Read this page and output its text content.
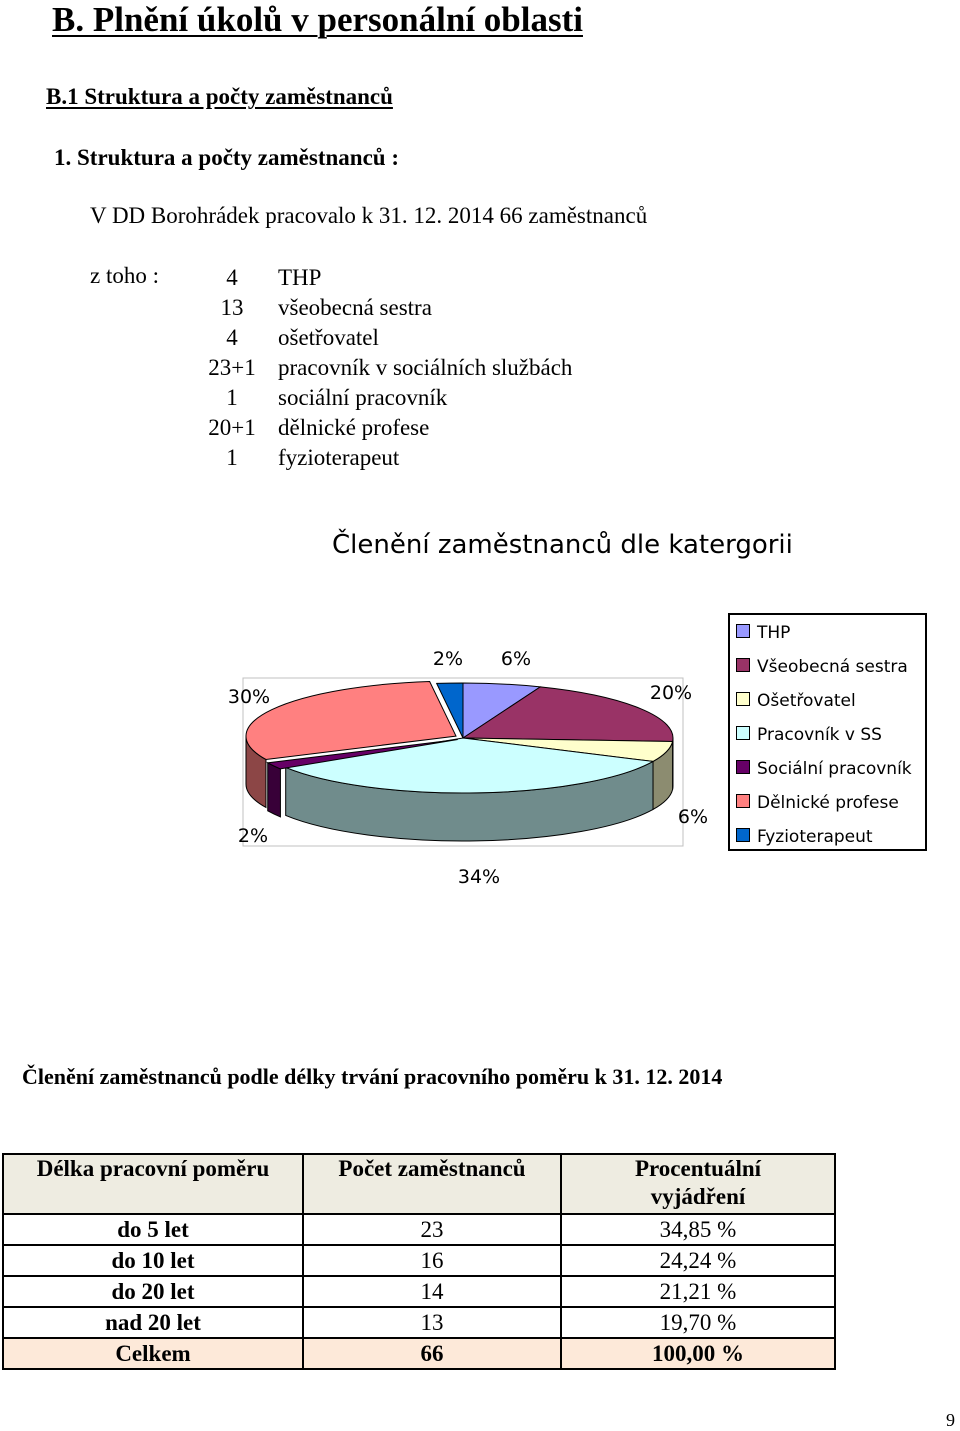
B. Plnění úkolů v personální oblasti
B.1 Struktura a počty zaměstnanců
1. Struktura a počty zaměstnanců :
V DD Borohrádek pracovalo k 31. 12. 2014 66 zaměstnanců
z toho :	4	THP
13	všeobecná sestra
4	ošetřovatel
23+1 pracovník v sociálních službách
1	sociální pracovník
20+1 dělnické profese
1	fyzioterapeut
Členění zaměstnanců dle katergorii
6%
20%
6%
34%
2%
30%
2%
THP
Všeobecná sestra
Ošetřovatel
Pracovník v SS
Sociální pracovník
Dělnické profese
Fyzioterapeut
Členění zaměstnanců podle délky trvání pracovního poměru k 31. 12. 2014
Délka pracovní poměru	Počet zaměstnanců	Procentuální vyjádření

do 5 let	23	34,85 %
do 10 let	16	24,24 %
do 20 let	14	21,21 %
nad 20 let	13	19,70 %
Celkem	66	100,00 %
9
